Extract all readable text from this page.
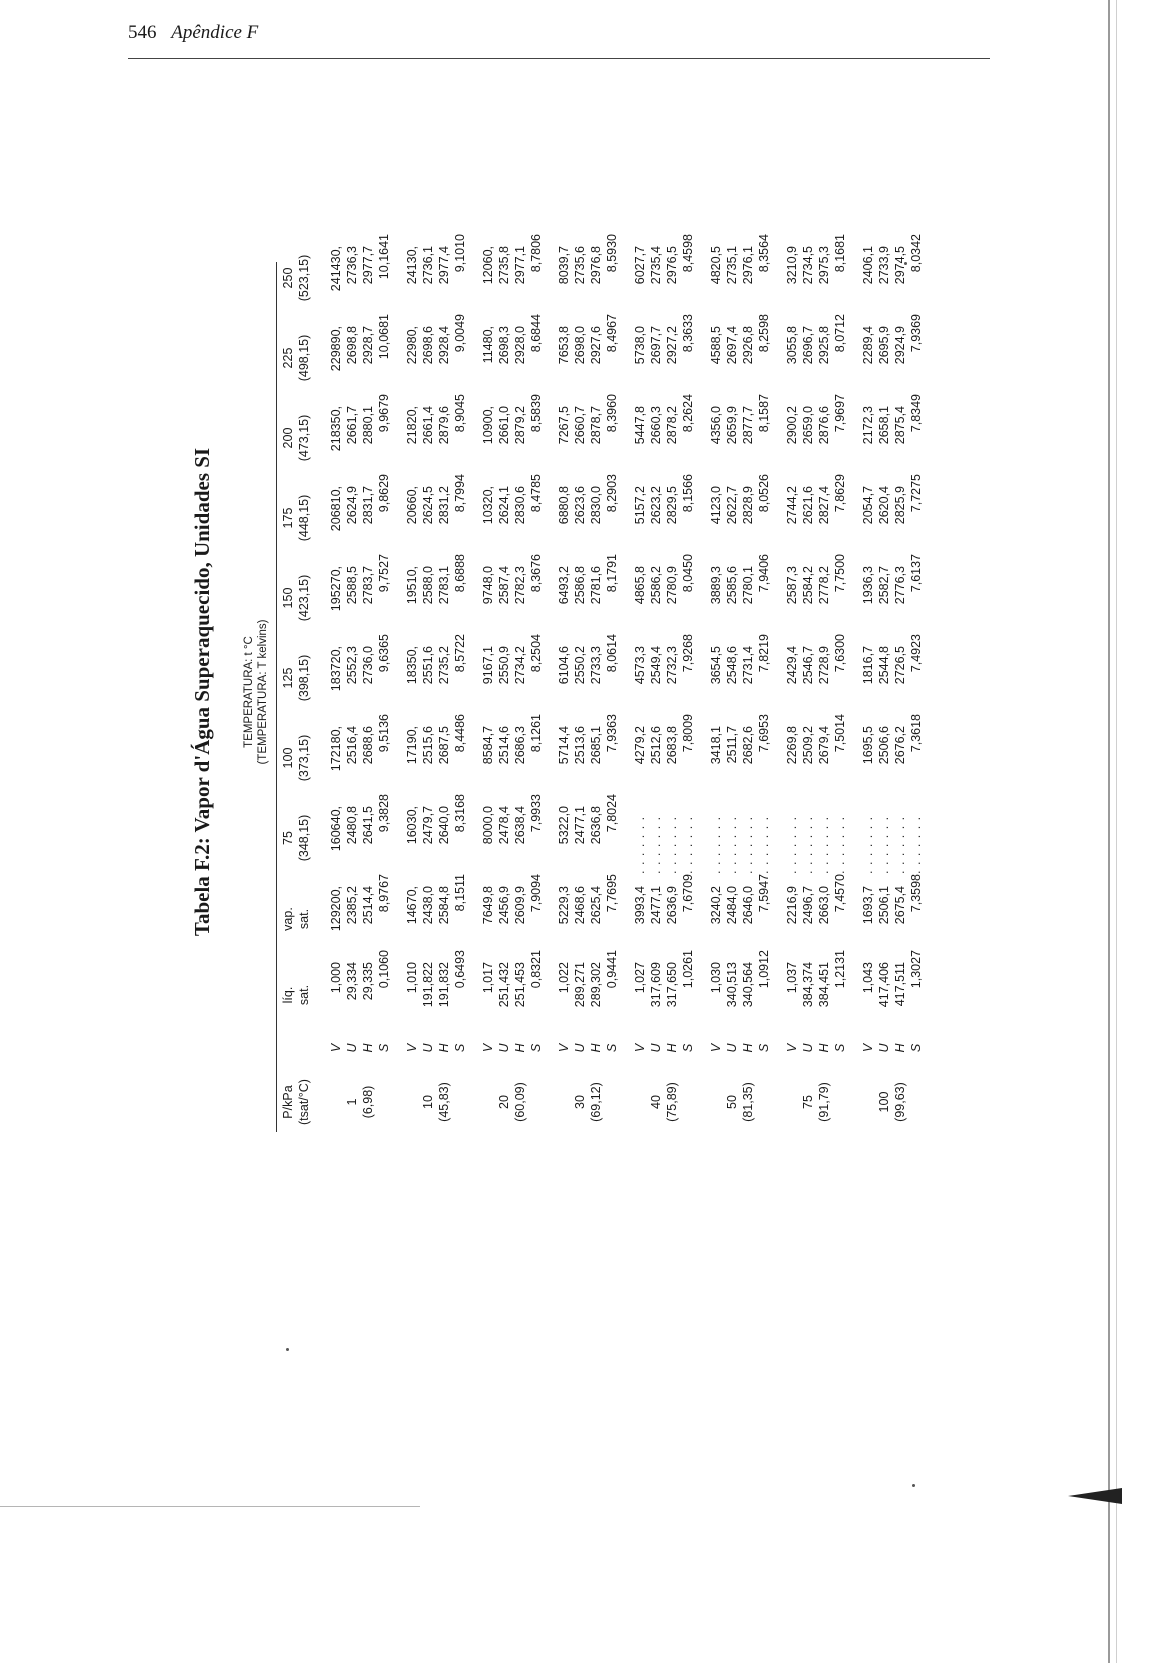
546 Apêndice F
Tabela F.2: Vapor d'Água Superaquecido, Unidades SI	TEMPERATURA: t °C (TEMPERATURA: T kelvins)
P/kPa (tsat/°C)
líq. sat.
vap. sat.
75 (348,15)
100 (373,15)
125 (398,15)
150 (423,15)
175 (448,15)
200 (473,15)
225 (498,15)
250 (523,15)
1 (6,98)
V
1,000
129200,
160640,
172180,
183720,
195270,
206810,
218350,
229890,
241430,
U
29,334
2385,2
2480,8
2516,4
2552,3
2588,5
2624,9
2661,7
2698,8
2736,3
H
29,335
2514,4
2641,5
2688,6
2736,0
2783,7
2831,7
2880,1
2928,7
2977,7
S
0,1060
8,9767
9,3828
9,5136
9,6365
9,7527
9,8629
9,9679
10,0681
10,1641
10 (45,83)
V
1,010
14670,
16030,
17190,
18350,
19510,
20660,
21820,
22980,
24130,
U
191,822
2438,0
2479,7
2515,6
2551,6
2588,0
2624,5
2661,4
2698,6
2736,1
H
191,832
2584,8
2640,0
2687,5
2735,2
2783,1
2831,2
2879,6
2928,4
2977,4
S
0,6493
8,1511
8,3168
8,4486
8,5722
8,6888
8,7994
8,9045
9,0049
9,1010
20 (60,09)
V
1,017
7649,8
8000,0
8584,7
9167,1
9748,0
10320,
10900,
11480,
12060,
U
251,432
2456,9
2478,4
2514,6
2550,9
2587,4
2624,1
2661,0
2698,3
2735,8
H
251,453
2609,9
2638,4
2686,3
2734,2
2782,3
2830,6
2879,2
2928,0
2977,1
S
0,8321
7,9094
7,9933
8,1261
8,2504
8,3676
8,4785
8,5839
8,6844
8,7806
30 (69,12)
V
1,022
5229,3
5322,0
5714,4
6104,6
6493,2
6880,8
7267,5
7653,8
8039,7
U
289,271
2468,6
2477,1
2513,6
2550,2
2586,8
2623,6
2660,7
2698,0
2735,6
H
289,302
2625,4
2636,8
2685,1
2733,3
2781,6
2830,0
2878,7
2927,6
2976,8
S
0,9441
7,7695
7,8024
7,9363
8,0614
8,1791
8,2903
8,3960
8,4967
8,5930
40 (75,89)
V
1,027
3993,4
. . . . . . .
4279,2
4573,3
4865,8
5157,2
5447,8
5738,0
6027,7
U
317,609
2477,1
. . . . . . .
2512,6
2549,4
2586,2
2623,2
2660,3
2697,7
2735,4
H
317,650
2636,9
. . . . . . .
2683,8
2732,3
2780,9
2829,5
2878,2
2927,2
2976,5
S
1,0261
7,6709
. . . . . . .
7,8009
7,9268
8,0450
8,1566
8,2624
8,3633
8,4598
50 (81,35)
V
1,030
3240,2
. . . . . . .
3418,1
3654,5
3889,3
4123,0
4356,0
4588,5
4820,5
U
340,513
2484,0
. . . . . . .
2511,7
2548,6
2585,6
2622,7
2659,9
2697,4
2735,1
H
340,564
2646,0
. . . . . . .
2682,6
2731,4
2780,1
2828,9
2877,7
2926,8
2976,1
S
1,0912
7,5947
. . . . . . .
7,6953
7,8219
7,9406
8,0526
8,1587
8,2598
8,3564
75 (91,79)
V
1,037
2216,9
. . . . . . .
2269,8
2429,4
2587,3
2744,2
2900,2
3055,8
3210,9
U
384,374
2496,7
. . . . . . .
2509,2
2546,7
2584,2
2621,6
2659,0
2696,7
2734,5
H
384,451
2663,0
. . . . . . .
2679,4
2728,9
2778,2
2827,4
2876,6
2925,8
2975,3
S
1,2131
7,4570
. . . . . . .
7,5014
7,6300
7,7500
7,8629
7,9697
8,0712
8,1681
100 (99,63)
V
1,043
1693,7
. . . . . . .
1695,5
1816,7
1936,3
2054,7
2172,3
2289,4
2406,1
U
417,406
2506,1
. . . . . . .
2506,6
2544,8
2582,7
2620,4
2658,1
2695,9
2733,9
H
417,511
2675,4
. . . . . . .
2676,2
2726,5
2776,3
2825,9
2875,4
2924,9
2974,5
S
1,3027
7,3598
. . . . . . .
7,3618
7,4923
7,6137
7,7275
7,8349
7,9369
8,0342
